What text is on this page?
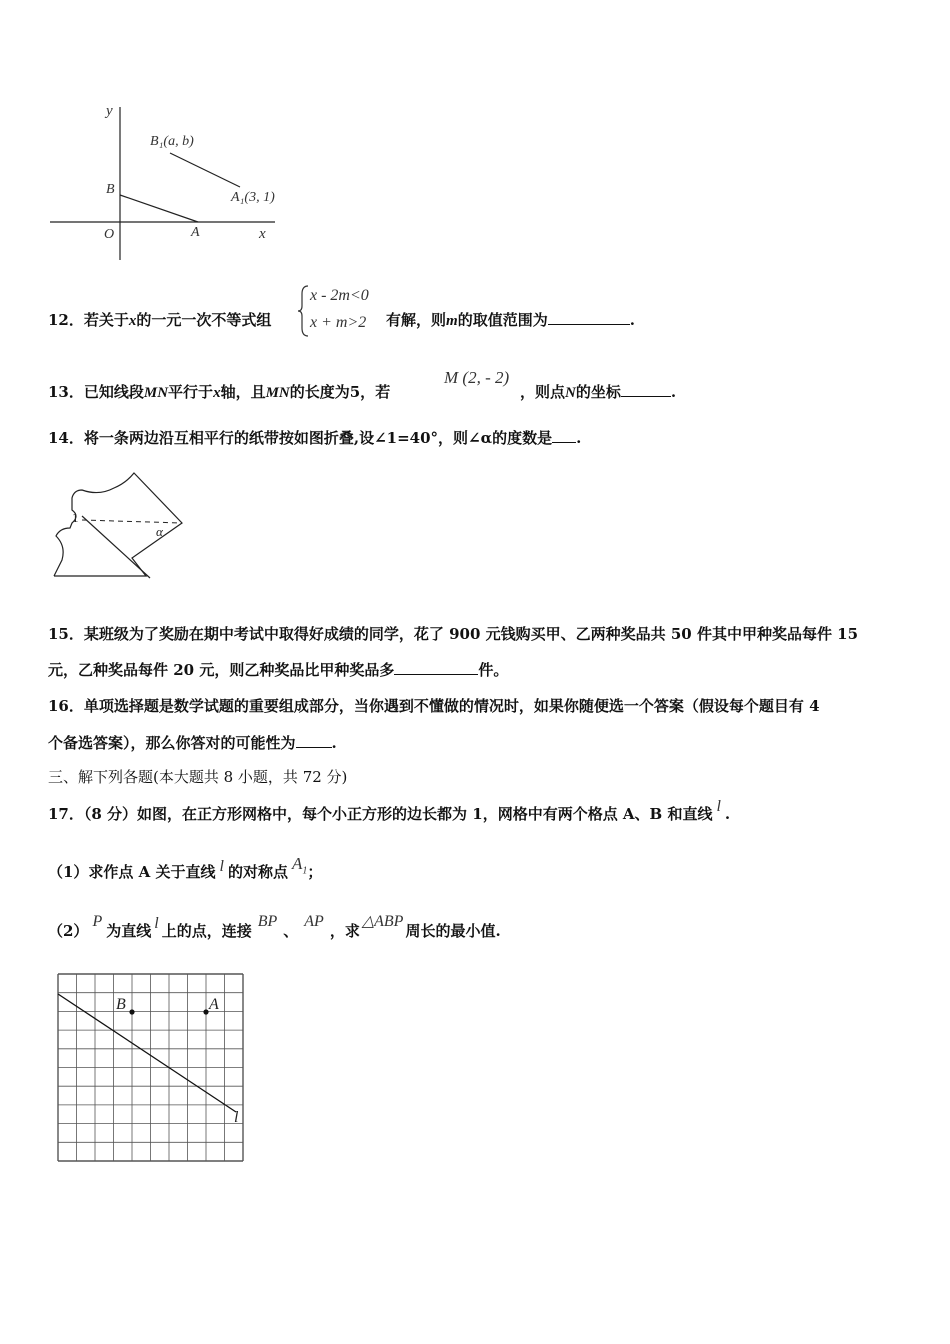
y
x
O	A
B
B₁(a, b)
A₁(3, 1)
12．若关于x的一元一次不等式组
x - 2m<0
x + m>2 有解，则m的取值范围为	.
13．已知线段MN平行于x轴，且MN的长度为5，若
M (2, - 2)
，则点N的坐标	.
14．将一条两边沿互相平行的纸带按如图折叠,设∠1=40°，则∠α的度数是 .
1
α
15．某班级为了奖励在期中考试中取得好成绩的同学，花了 900 元钱购买甲、乙两种奖品共 50 件其中甲种奖品每件 15
元，乙种奖品每件 20 元，则乙种奖品比甲种奖品多	件。
16．单项选择题是数学试题的重要组成部分，当你遇到不懂做的情况时，如果你随便选一个答案（假设每个题目有 4
个备选答案），那么你答对的可能性为 .
三、解下列各题(本大题共 8 小题，共 72 分)
17．（8 分）如图，在正方形网格中，每个小正方形的边长都为 1，网格中有两个格点 A、B 和直线 l .
（1）求作点 A 关于直线 l 的对称点 $A_1$；
（2）P为直线 l 上的点，连接BP、AP，求△ABP周长的最小值.
B	A
l
